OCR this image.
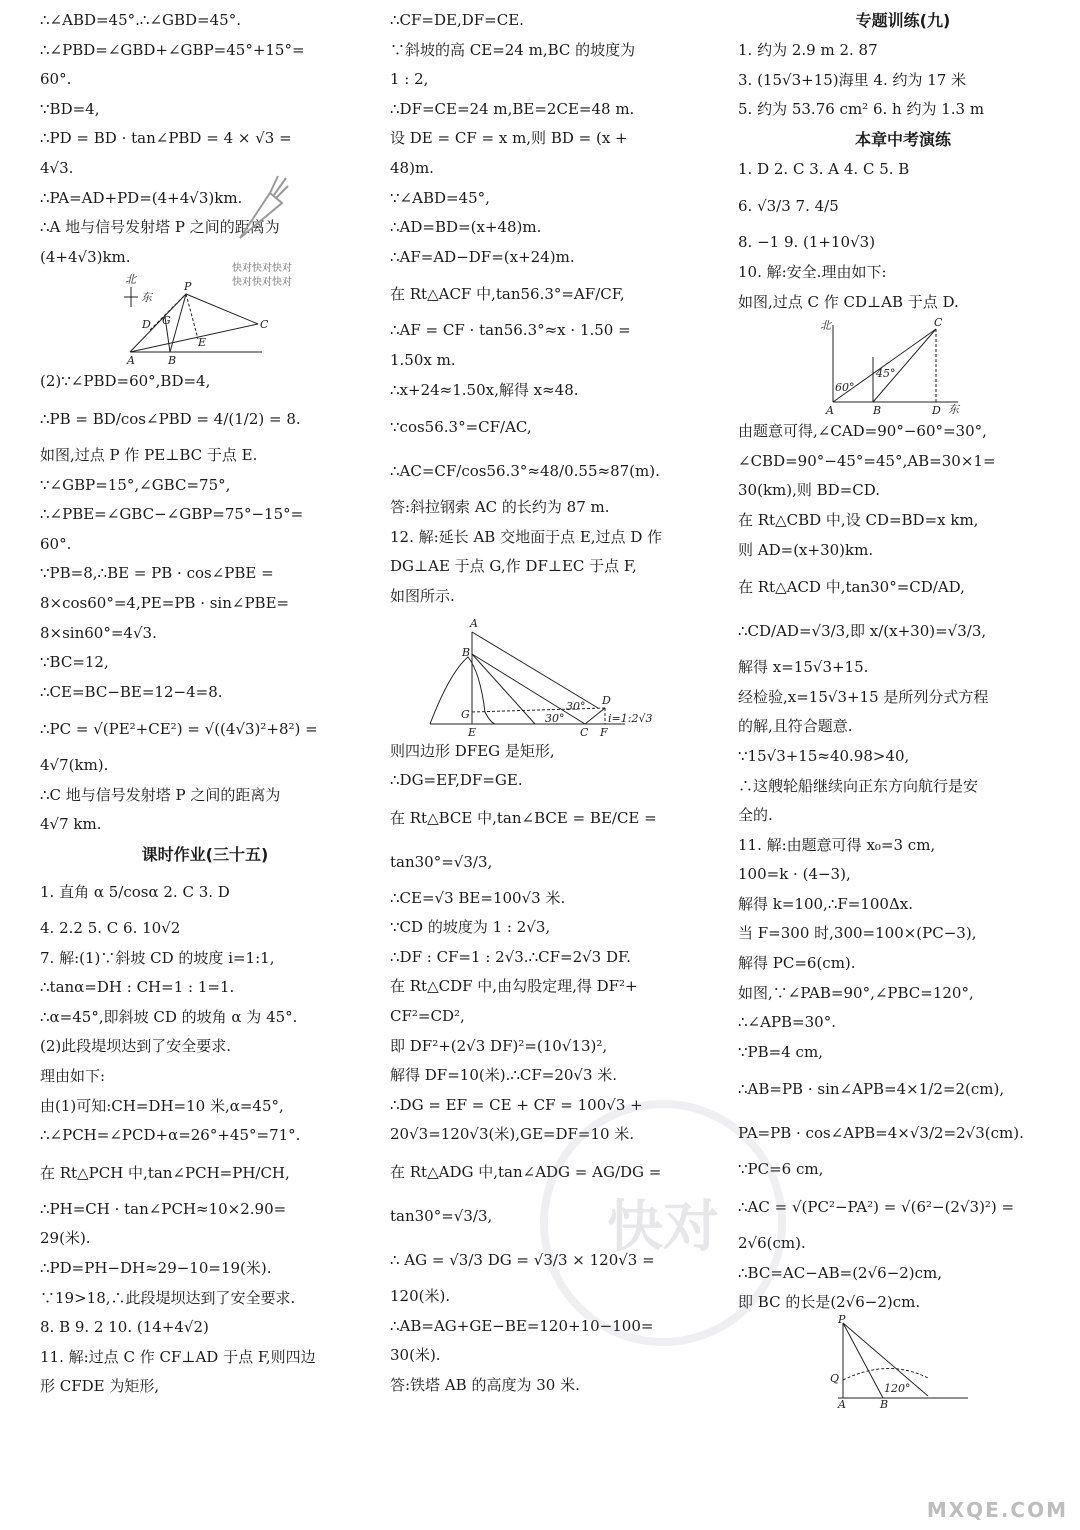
∴∠ABD=45°.∴∠GBD=45°.
∴∠PBD=∠GBD+∠GBP=45°+15°=
60°.
∵BD=4,
∴PD = BD · tan∠PBD = 4 × √3 =
4√3.
∴PA=AD+PD=(4+4√3)km.
∴A 地与信号发射塔 P 之间的距离为
(4+4√3)km.
北
东
P
C
D G
E
A	B
(2)∵∠PBD=60°,BD=4,
∴PB = BD/cos∠PBD = 4/(1/2) = 8.
如图,过点 P 作 PE⊥BC 于点 E.
∵∠GBP=15°,∠GBC=75°,
∴∠PBE=∠GBC−∠GBP=75°−15°=
60°.
∵PB=8,∴BE = PB · cos∠PBE =
8×cos60°=4,PE=PB · sin∠PBE=
8×sin60°=4√3.
∵BC=12,
∴CE=BC−BE=12−4=8.
∴PC = √(PE²+CE²) = √((4√3)²+8²) =
4√7(km).
∴C 地与信号发射塔 P 之间的距离为
4√7 km.
课时作业(三十五)
1. 直角 α 5/cosα 2. C 3. D
4. 2.2 5. C 6. 10√2
7. 解:(1)∵斜坡 CD 的坡度 i=1:1,
∴tanα=DH : CH=1 : 1=1.
∴α=45°,即斜坡 CD 的坡角 α 为 45°.
(2)此段堤坝达到了安全要求.
理由如下:
由(1)可知:CH=DH=10 米,α=45°,
∴∠PCH=∠PCD+α=26°+45°=71°.
在 Rt△PCH 中,tan∠PCH=PH/CH,
∴PH=CH · tan∠PCH≈10×2.90=
29(米).
∴PD=PH−DH≈29−10=19(米).
∵19>18,∴此段堤坝达到了安全要求.
8. B 9. 2 10. (14+4√2)
11. 解:过点 C 作 CF⊥AD 于点 F,则四边
形 CFDE 为矩形,
∴CF=DE,DF=CE.
∵斜坡的高 CE=24 m,BC 的坡度为
1 : 2,
∴DF=CE=24 m,BE=2CE=48 m.
设 DE = CF = x m,则 BD = (x +
48)m.
∵∠ABD=45°,
∴AD=BD=(x+48)m.
∴AF=AD−DF=(x+24)m.
在 Rt△ACF 中,tan56.3°=AF/CF,
∴AF = CF · tan56.3°≈x · 1.50 =
1.50x m.
∴x+24≈1.50x,解得 x≈48.
∵cos56.3°=CF/AC,
∴AC=CF/cos56.3°≈48/0.55≈87(m).
答:斜拉钢索 AC 的长约为 87 m.
12. 解:延长 AB 交地面于点 E,过点 D 作
DG⊥AE 于点 G,作 DF⊥EC 于点 F,
如图所示.
A
B
G
E	C F
D
30°
30°
i=1:2√3
则四边形 DFEG 是矩形,
∴DG=EF,DF=GE.
在 Rt△BCE 中,tan∠BCE = BE/CE =
tan30°=√3/3,
∴CE=√3 BE=100√3 米.
∵CD 的坡度为 1 : 2√3,
∴DF : CF=1 : 2√3.∴CF=2√3 DF.
在 Rt△CDF 中,由勾股定理,得 DF²+
CF²=CD²,
即 DF²+(2√3 DF)²=(10√13)²,
解得 DF=10(米).∴CF=20√3 米.
∴DG = EF = CE + CF = 100√3 +
20√3=120√3(米),GE=DF=10 米.
在 Rt△ADG 中,tan∠ADG = AG/DG =
tan30°=√3/3,
∴ AG = √3/3 DG = √3/3 × 120√3 =
120(米).
∴AB=AG+GE−BE=120+10−100=
30(米).
答:铁塔 AB 的高度为 30 米.
专题训练(九)
1. 约为 2.9 m 2. 87
3. (15√3+15)海里 4. 约为 17 米
5. 约为 53.76 cm² 6. h 约为 1.3 m
本章中考演练
1. D 2. C 3. A 4. C 5. B
6. √3/3 7. 4/5
8. −1 9. (1+10√3)
10. 解:安全.理由如下:
如图,过点 C 作 CD⊥AB 于点 D.
北
东
C
A	B	D
60°
45°
由题意可得,∠CAD=90°−60°=30°,
∠CBD=90°−45°=45°,AB=30×1=
30(km),则 BD=CD.
在 Rt△CBD 中,设 CD=BD=x km,
则 AD=(x+30)km.
在 Rt△ACD 中,tan30°=CD/AD,
∴CD/AD=√3/3,即 x/(x+30)=√3/3,
解得 x=15√3+15.
经检验,x=15√3+15 是所列分式方程
的解,且符合题意.
∵15√3+15≈40.98>40,
∴这艘轮船继续向正东方向航行是安
全的.
11. 解:由题意可得 x₀=3 cm,
100=k · (4−3),
解得 k=100,∴F=100Δx.
当 F=300 时,300=100×(PC−3),
解得 PC=6(cm).
如图,∵∠PAB=90°,∠PBC=120°,
∴∠APB=30°.
∵PB=4 cm,
∴AB=PB · sin∠APB=4×1/2=2(cm),
PA=PB · cos∠APB=4×√3/2=2√3(cm).
∵PC=6 cm,
∴AC = √(PC²−PA²) = √(6²−(2√3)²) =
2√6(cm).
∴BC=AC−AB=(2√6−2)cm,
即 BC 的长是(2√6−2)cm.
P
Q
A	B
120°
快对快对快对
快对快对快对
快对
MXQE.COM
